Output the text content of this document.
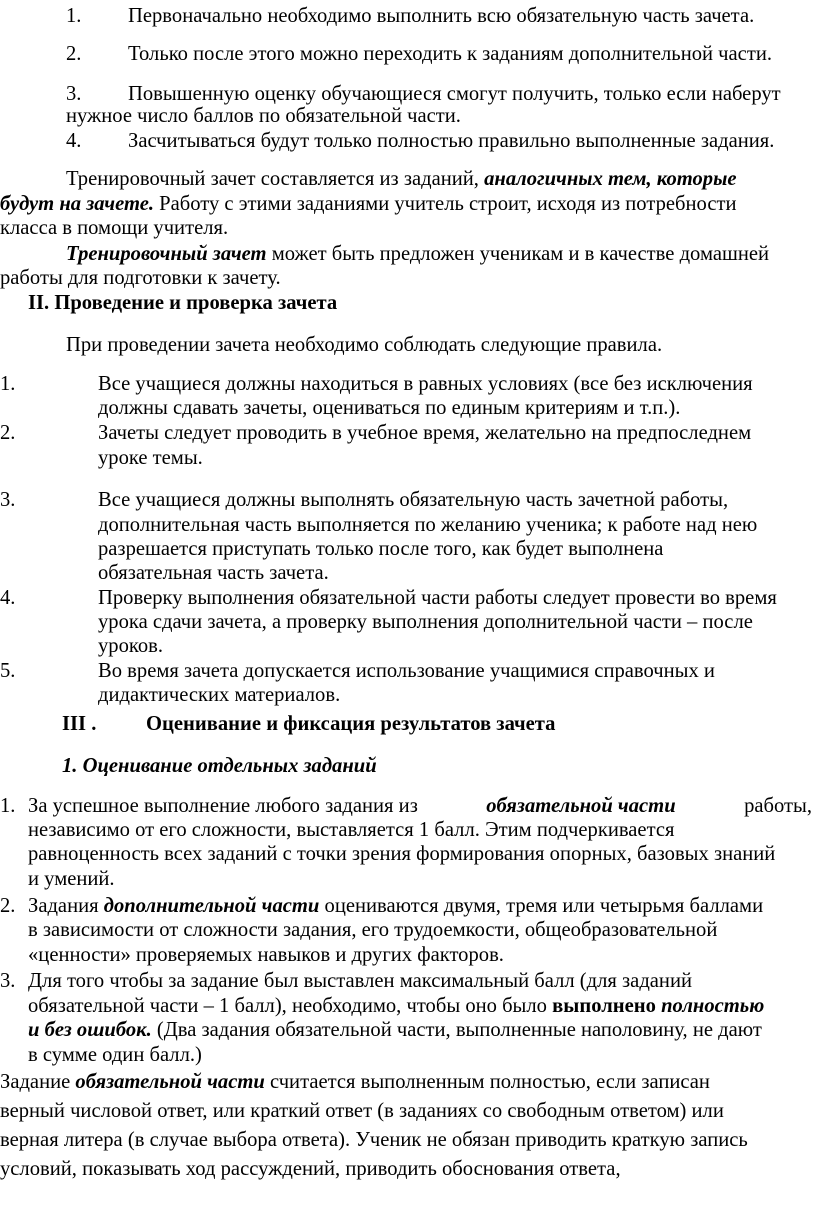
1. Первоначально необходимо выполнить всю обязательную часть зачета.
2. Только после этого можно переходить к заданиям дополнительной части.
3. Повышенную оценку обучающиеся смогут получить, только если наберут
нужное число баллов по обязательной части.
4. Засчитываться будут только полностью правильно выполненные задания.
Тренировочный зачет составляется из заданий, аналогичных тем, которые
будут на зачете. Работу с этими заданиями учитель строит, исходя из потребности
класса в помощи учителя.
Тренировочный зачет может быть предложен ученикам и в качестве домашней
работы для подготовки к зачету.
II. Проведение и проверка зачета
При проведении зачета необходимо соблюдать следующие правила.
1.	Все учащиеся должны находиться в равных условиях (все без исключения
должны сдавать зачеты, оцениваться по единым критериям и т.п.).
2.	Зачеты следует проводить в учебное время, желательно на предпоследнем
уроке темы.
3.	Все учащиеся должны выполнять обязательную часть зачетной работы,
дополнительная часть выполняется по желанию ученика; к работе над нею
разрешается приступать только после того, как будет выполнена
обязательная часть зачета.
4.	Проверку выполнения обязательной части работы следует провести во время
урока сдачи зачета, а проверку выполнения дополнительной части – после
уроков.
5.	Во время зачета допускается использование учащимися справочных и
дидактических материалов.
III . Оценивание и фиксация результатов зачета
1. Оценивание отдельных заданий
1. За успешное выполнение любого задания из	обязательной части	работы,
независимо от его сложности, выставляется 1 балл. Этим подчеркивается
равноценность всех заданий с точки зрения формирования опорных, базовых знаний
и умений.
2. Задания дополнительной части оцениваются двумя, тремя или четырьмя баллами
в зависимости от сложности задания, его трудоемкости, общеобразовательной
«ценности» проверяемых навыков и других факторов.
3. Для того чтобы за задание был выставлен максимальный балл (для заданий
обязательной части – 1 балл), необходимо, чтобы оно было выполнено полностью
и без ошибок. (Два задания обязательной части, выполненные наполовину, не дают
в сумме один балл.)
Задание обязательной части считается выполненным полностью, если записан
верный числовой ответ, или краткий ответ (в заданиях со свободным ответом) или
верная литера (в случае выбора ответа). Ученик не обязан приводить краткую запись
условий, показывать ход рассуждений, приводить обоснования ответа,
